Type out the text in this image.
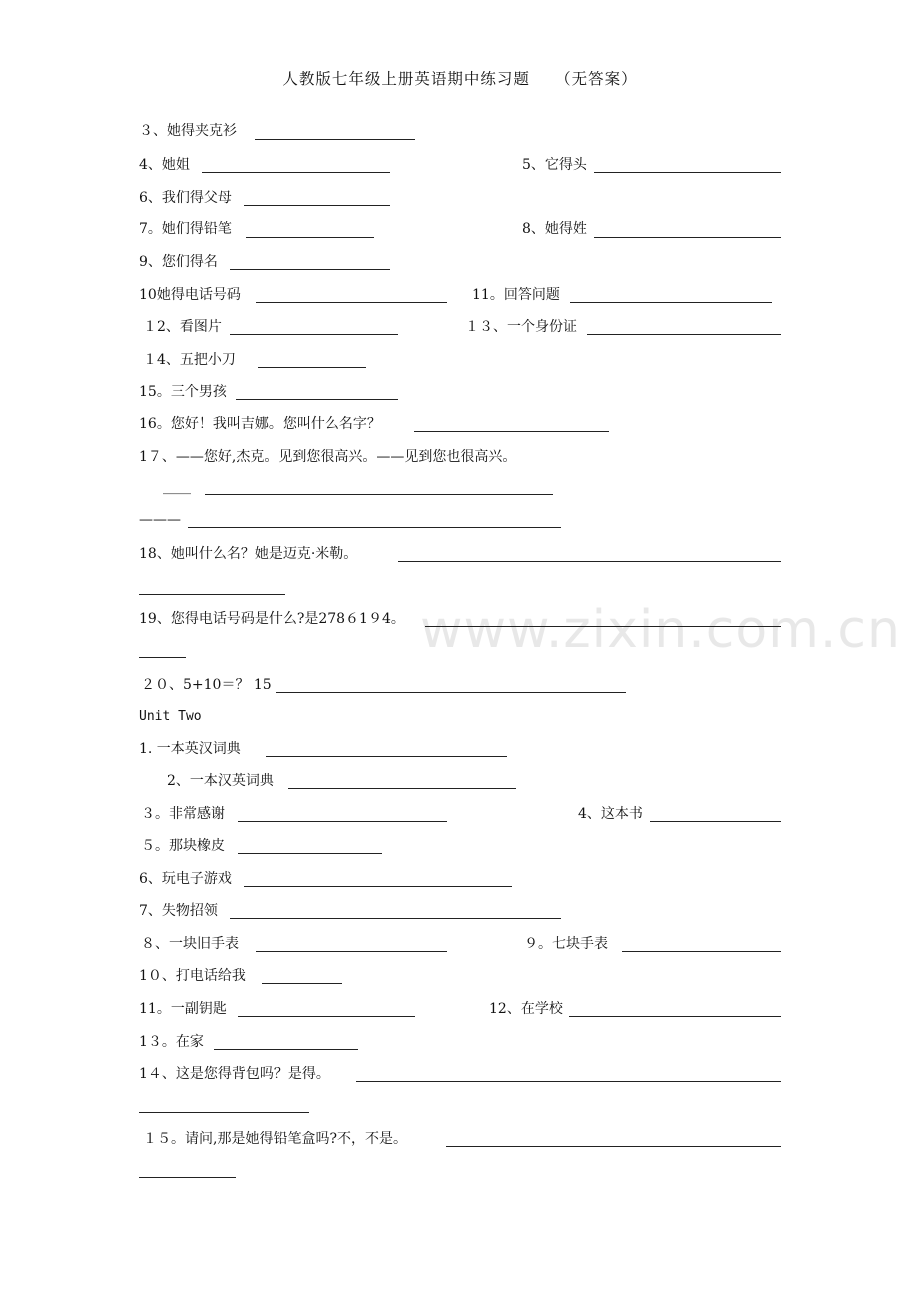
www.zixin.com.cn
人教版七年级上册英语期中练习题　　（无答案）
３、她得夹克衫
4、她姐	5、它得头
6、我们得父母
7。她们得铅笔	8、她得姓
9、您们得名
10她得电话号码	11。回答问题
１2、看图片	１３、一个身份证
１4、五把小刀
15。三个男孩
16。您好！我叫吉娜。您叫什么名字？
1７、——您好,杰克。见到您很高兴。——见到您也很高兴。
____
———
18、她叫什么名？她是迈克·米勒。
19、您得电话号码是什么?是278６1９4。
２０、5+10＝？ 15
Unit Two
1. 一本英汉词典
2、一本汉英词典
３。非常感谢	4、这本书
５。那块橡皮
6、玩电子游戏
7、失物招领
８、一块旧手表	９。七块手表
1０、打电话给我
11。一副钥匙	12、在学校
1３。在家
1４、这是您得背包吗？是得。
１５。请问,那是她得铅笔盒吗?不，不是。
